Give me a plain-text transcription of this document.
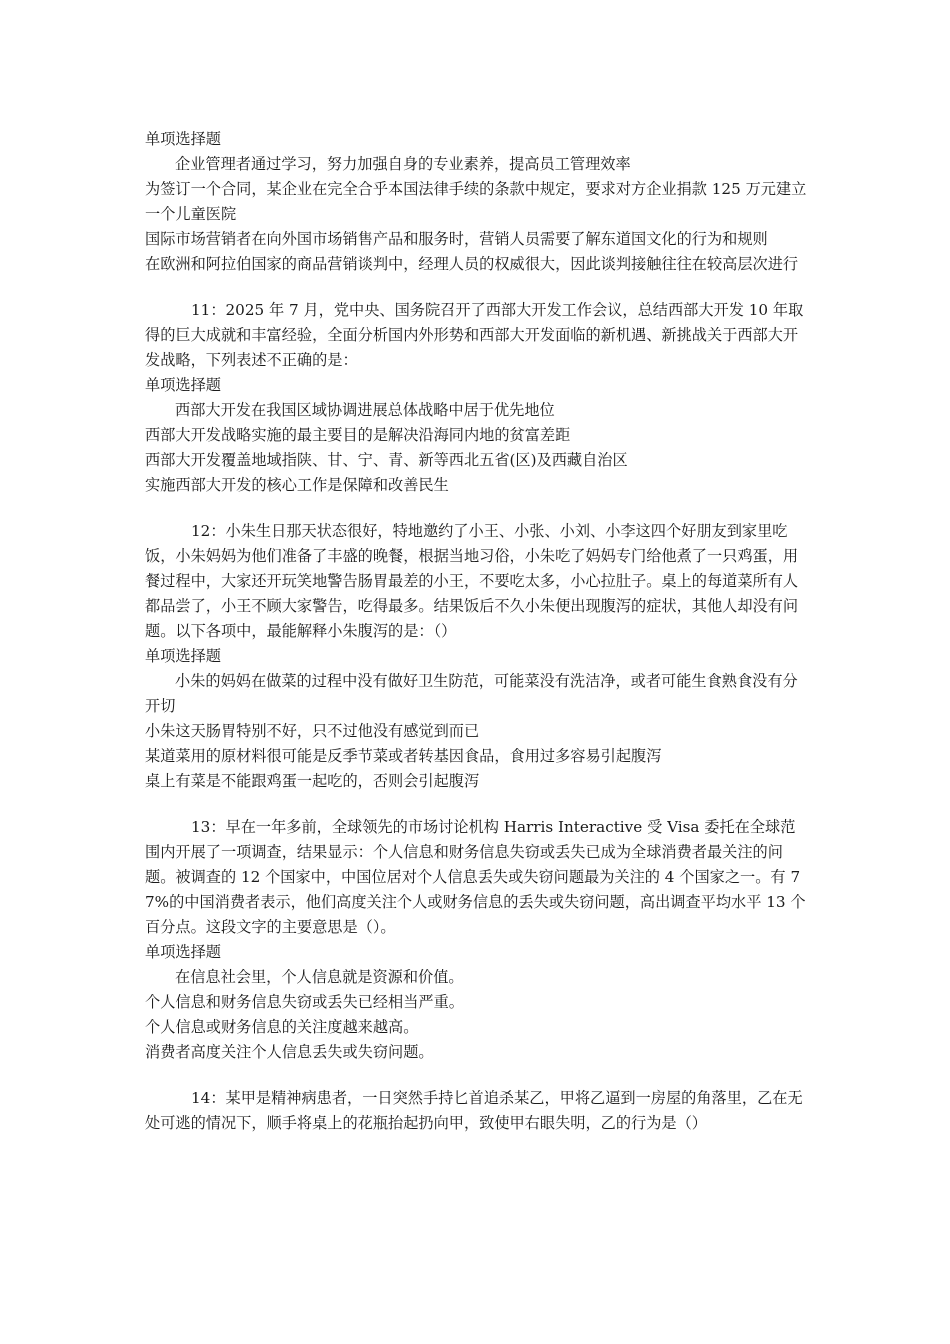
单项选择题
企业管理者通过学习，努力加强自身的专业素养，提高员工管理效率
为签订一个合同，某企业在完全合乎本国法律手续的条款中规定，要求对方企业捐款 125 万元建立一个儿童医院
国际市场营销者在向外国市场销售产品和服务时，营销人员需要了解东道国文化的行为和规则
在欧洲和阿拉伯国家的商品营销谈判中，经理人员的权威很大，因此谈判接触往往在较高层次进行
11：2025 年 7 月，党中央、国务院召开了西部大开发工作会议，总结西部大开发 10 年取得的巨大成就和丰富经验，全面分析国内外形势和西部大开发面临的新机遇、新挑战关于西部大开发战略，下列表述不正确的是：
单项选择题
西部大开发在我国区域协调进展总体战略中居于优先地位
西部大开发战略实施的最主要目的是解决沿海同内地的贫富差距
西部大开发覆盖地域指陕、甘、宁、青、新等西北五省(区)及西藏自治区
实施西部大开发的核心工作是保障和改善民生
12：小朱生日那天状态很好，特地邀约了小王、小张、小刘、小李这四个好朋友到家里吃饭，小朱妈妈为他们准备了丰盛的晚餐，根据当地习俗，小朱吃了妈妈专门给他煮了一只鸡蛋，用餐过程中，大家还开玩笑地警告肠胃最差的小王，不要吃太多，小心拉肚子。桌上的每道菜所有人都品尝了，小王不顾大家警告，吃得最多。结果饭后不久小朱便出现腹泻的症状，其他人却没有问题。以下各项中，最能解释小朱腹泻的是：（）
单项选择题
小朱的妈妈在做菜的过程中没有做好卫生防范，可能菜没有洗洁净，或者可能生食熟食没有分开切
小朱这天肠胃特别不好，只不过他没有感觉到而已
某道菜用的原材料很可能是反季节菜或者转基因食品，食用过多容易引起腹泻
桌上有菜是不能跟鸡蛋一起吃的，否则会引起腹泻
13：早在一年多前，全球领先的市场讨论机构 Harris Interactive 受 Visa 委托在全球范围内开展了一项调查，结果显示：个人信息和财务信息失窃或丢失已成为全球消费者最关注的问题。被调查的 12 个国家中，中国位居对个人信息丢失或失窃问题最为关注的 4 个国家之一。有 77%的中国消费者表示，他们高度关注个人或财务信息的丢失或失窃问题，高出调查平均水平 13 个百分点。这段文字的主要意思是（）。
单项选择题
在信息社会里，个人信息就是资源和价值。
个人信息和财务信息失窃或丢失已经相当严重。
个人信息或财务信息的关注度越来越高。
消费者高度关注个人信息丢失或失窃问题。
14：某甲是精神病患者，一日突然手持匕首追杀某乙，甲将乙逼到一房屋的角落里，乙在无处可逃的情况下，顺手将桌上的花瓶抬起扔向甲，致使甲右眼失明，乙的行为是（）
